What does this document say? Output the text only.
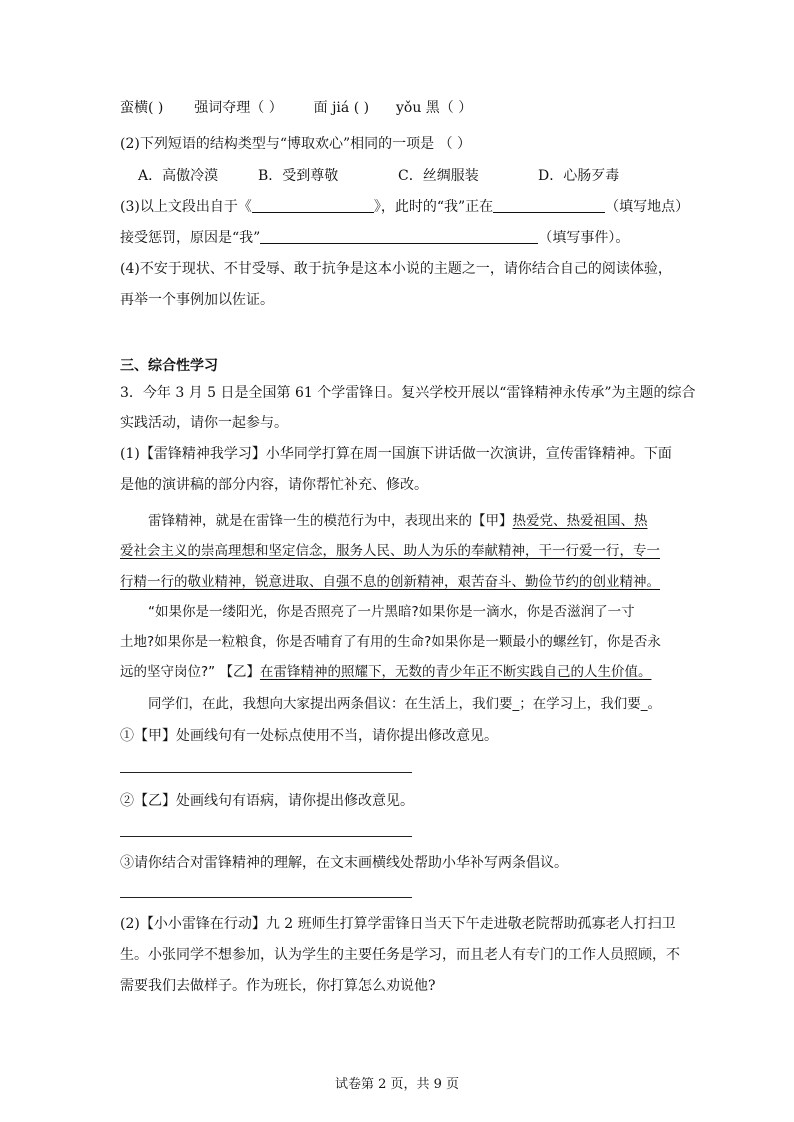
蛮横( ) 强词夺理（ ） 面 jiá ( ) yǒu 黑（ ）
(2)下列短语的结构类型与“博取欢心”相同的一项是 （ ）
A．高傲冷漠	B．受到尊敬	C．丝绸服装	D．心肠歹毒
(3)以上文段出自于《	》，此时的“我”正在	（填写地点）
接受惩罚，原因是“我”	（填写事件）。
(4)不安于现状、不甘受辱、敢于抗争是这本小说的主题之一，请你结合自己的阅读体验，
再举一个事例加以佐证。
三、综合性学习
3．今年 3 月 5 日是全国第 61 个学雷锋日。复兴学校开展以“雷锋精神永传承”为主题的综合
实践活动，请你一起参与。
(1)【雷锋精神我学习】小华同学打算在周一国旗下讲话做一次演讲，宣传雷锋精神。下面
是他的演讲稿的部分内容，请你帮忙补充、修改。
雷锋精神，就是在雷锋一生的模范行为中，表现出来的【甲】热爱党、热爱祖国、热
爱社会主义的崇高理想和坚定信念，服务人民、助人为乐的奉献精神，干一行爱一行，专一
行精一行的敬业精神，锐意进取、自强不息的创新精神，艰苦奋斗、勤俭节约的创业精神。
“如果你是一缕阳光，你是否照亮了一片黑暗?如果你是一滴水，你是否滋润了一寸
土地?如果你是一粒粮食，你是否哺育了有用的生命?如果你是一颗最小的螺丝钉，你是否永
远的坚守岗位?” 【乙】在雷锋精神的照耀下，无数的青少年正不断实践自己的人生价值。
同学们，在此，我想向大家提出两条倡议：在生活上，我们要_；在学习上，我们要_。
①【甲】处画线句有一处标点使用不当，请你提出修改意见。
②【乙】处画线句有语病，请你提出修改意见。
③请你结合对雷锋精神的理解，在文末画横线处帮助小华补写两条倡议。
(2)【小小雷锋在行动】九 2 班师生打算学雷锋日当天下午走进敬老院帮助孤寡老人打扫卫
生。小张同学不想参加，认为学生的主要任务是学习，而且老人有专门的工作人员照顾，不
需要我们去做样子。作为班长，你打算怎么劝说他?
试卷第 2 页，共 9 页
